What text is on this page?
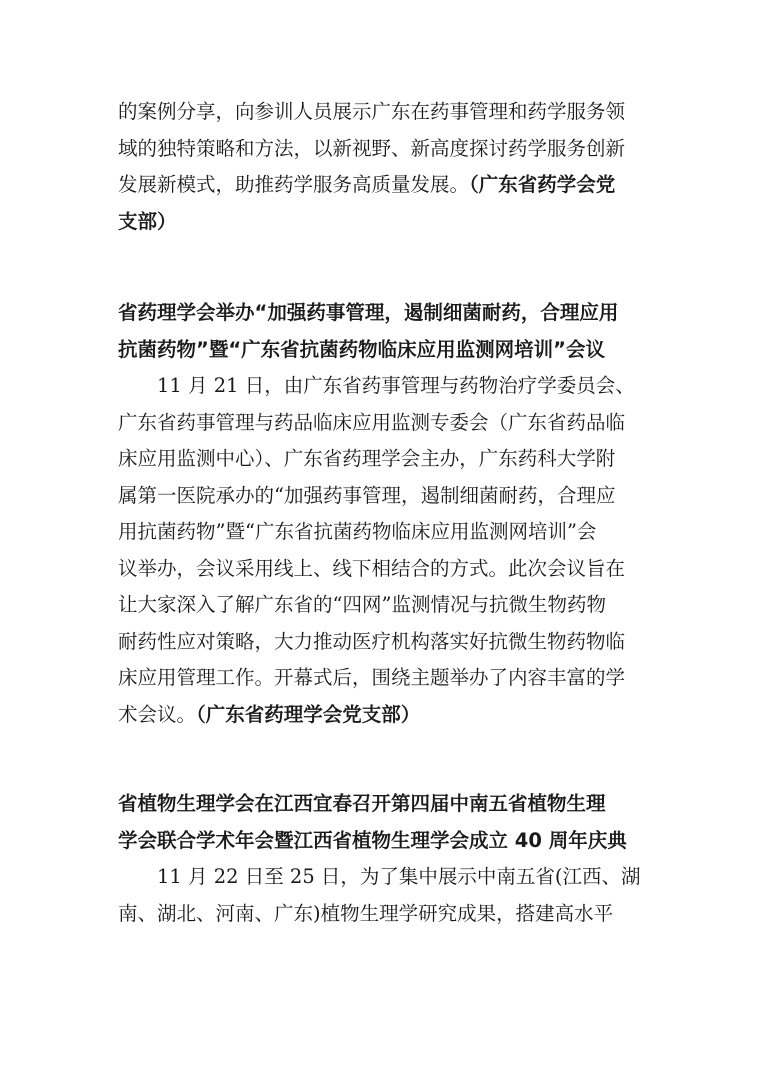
的案例分享，向参训人员展示广东在药事管理和药学服务领

域的独特策略和方法，以新视野、新高度探讨药学服务创新

发展新模式，助推药学服务高质量发展。（广东省药学会党

支部）

省药理学会举办“加强药事管理，遏制细菌耐药，合理应用
抗菌药物”暨“广东省抗菌药物临床应用监测网培训”会议

11 月 21 日，由广东省药事管理与药物治疗学委员会、

广东省药事管理与药品临床应用监测专委会（广东省药品临

床应用监测中心）、广东省药理学会主办，广东药科大学附

属第一医院承办的“加强药事管理，遏制细菌耐药，合理应

用抗菌药物”暨“广东省抗菌药物临床应用监测网培训”会

议举办，会议采用线上、线下相结合的方式。此次会议旨在

让大家深入了解广东省的“四网”监测情况与抗微生物药物

耐药性应对策略，大力推动医疗机构落实好抗微生物药物临

床应用管理工作。开幕式后，围绕主题举办了内容丰富的学

术会议。（广东省药理学会党支部）

省植物生理学会在江西宜春召开第四届中南五省植物生理
学会联合学术年会暨江西省植物生理学会成立 40 周年庆典

11 月 22 日至 25 日，为了集中展示中南五省(江西、湖

南、湖北、河南、广东)植物生理学研究成果，搭建高水平
